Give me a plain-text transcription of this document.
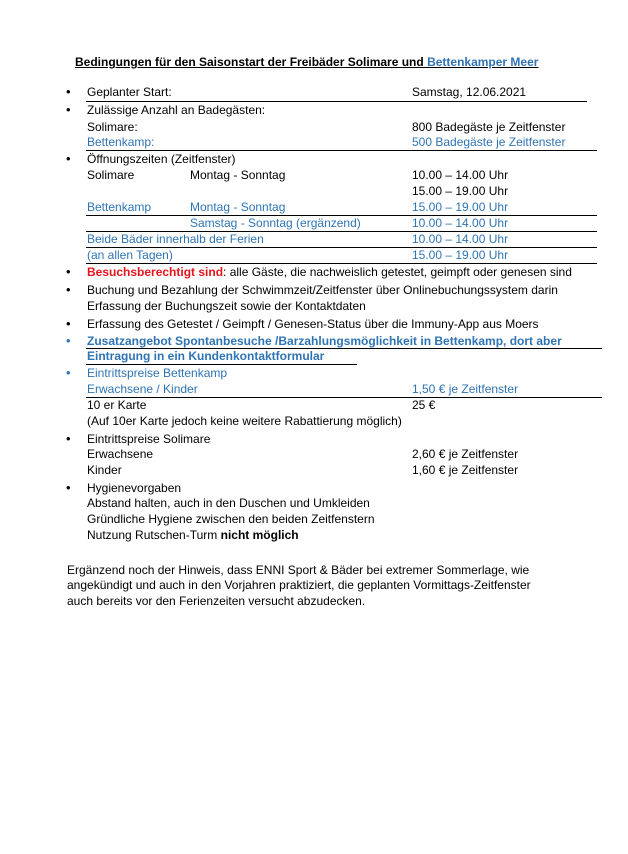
Bedingungen für den Saisonstart der Freibäder Solimare und Bettenkamper Meer
• Geplanter Start:	Samstag, 12.06.2021
• Zulässige Anzahl an Badegästen:
Solimare:	800 Badegäste je Zeitfenster
Bettenkamp:	500 Badegäste je Zeitfenster
• Öffnungszeiten (Zeitfenster)
Solimare	Montag - Sonntag	10.00 – 14.00 Uhr
15.00 – 19.00 Uhr
Bettenkamp	Montag - Sonntag	15.00 – 19.00 Uhr
Samstag - Sonntag (ergänzend)	10.00 – 14.00 Uhr
Beide Bäder innerhalb der Ferien	10.00 – 14.00 Uhr
(an allen Tagen)	15.00 – 19.00 Uhr
• Besuchsberechtigt sind: alle Gäste, die nachweislich getestet, geimpft oder genesen sind
• Buchung und Bezahlung der Schwimmzeit/Zeitfenster über Onlinebuchungssystem darin
Erfassung der Buchungszeit sowie der Kontaktdaten
• Erfassung des Getestet / Geimpft / Genesen-Status über die Immuny-App aus Moers
• Zusatzangebot Spontanbesuche /Barzahlungsmöglichkeit in Bettenkamp, dort aber
Eintragung in ein Kundenkontaktformular
• Eintrittspreise Bettenkamp
Erwachsene / Kinder	1,50 € je Zeitfenster
10 er Karte	25 €
(Auf 10er Karte jedoch keine weitere Rabattierung möglich)
• Eintrittspreise Solimare
Erwachsene	2,60 € je Zeitfenster
Kinder	1,60 € je Zeitfenster
• Hygienevorgaben
Abstand halten, auch in den Duschen und Umkleiden
Gründliche Hygiene zwischen den beiden Zeitfenstern
Nutzung Rutschen-Turm nicht möglich
Ergänzend noch der Hinweis, dass ENNI Sport & Bäder bei extremer Sommerlage, wie
angekündigt und auch in den Vorjahren praktiziert, die geplanten Vormittags-Zeitfenster
auch bereits vor den Ferienzeiten versucht abzudecken.
